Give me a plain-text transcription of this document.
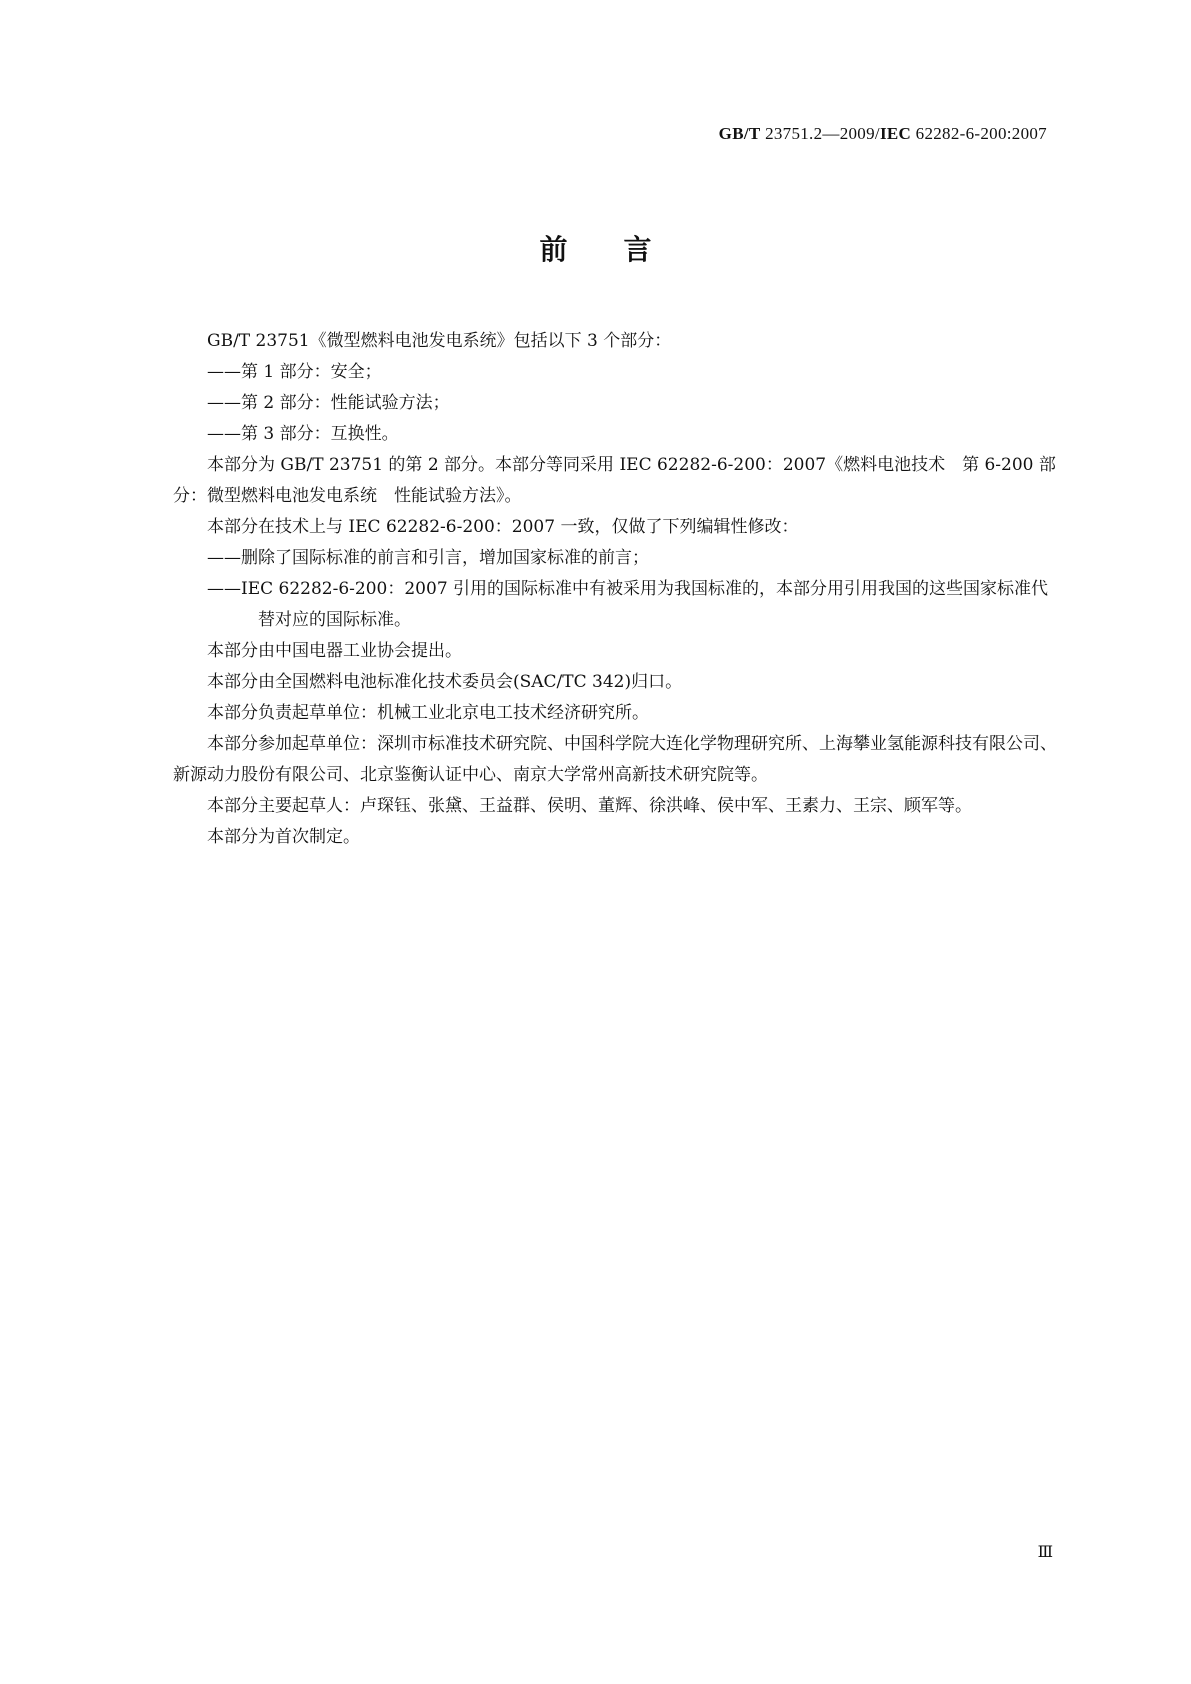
GB/T 23751.2—2009/IEC 62282-6-200:2007
前言

GB/T 23751《微型燃料电池发电系统》包括以下 3 个部分：

——第 1 部分：安全；

——第 2 部分：性能试验方法；

——第 3 部分：互换性。

本部分为 GB/T 23751 的第 2 部分。本部分等同采用 IEC 62282-6-200：2007《燃料电池技术　第 6-200 部分：微型燃料电池发电系统　性能试验方法》。

本部分在技术上与 IEC 62282-6-200：2007 一致，仅做了下列编辑性修改：

——删除了国际标准的前言和引言，增加国家标准的前言；

——IEC 62282-6-200：2007 引用的国际标准中有被采用为我国标准的，本部分用引用我国的这些国家标准代替对应的国际标准。

本部分由中国电器工业协会提出。

本部分由全国燃料电池标准化技术委员会(SAC/TC 342)归口。

本部分负责起草单位：机械工业北京电工技术经济研究所。

本部分参加起草单位：深圳市标准技术研究院、中国科学院大连化学物理研究所、上海攀业氢能源科技有限公司、新源动力股份有限公司、北京鉴衡认证中心、南京大学常州高新技术研究院等。

本部分主要起草人：卢琛钰、张黛、王益群、侯明、董辉、徐洪峰、侯中军、王素力、王宗、顾军等。

本部分为首次制定。

Ⅲ
